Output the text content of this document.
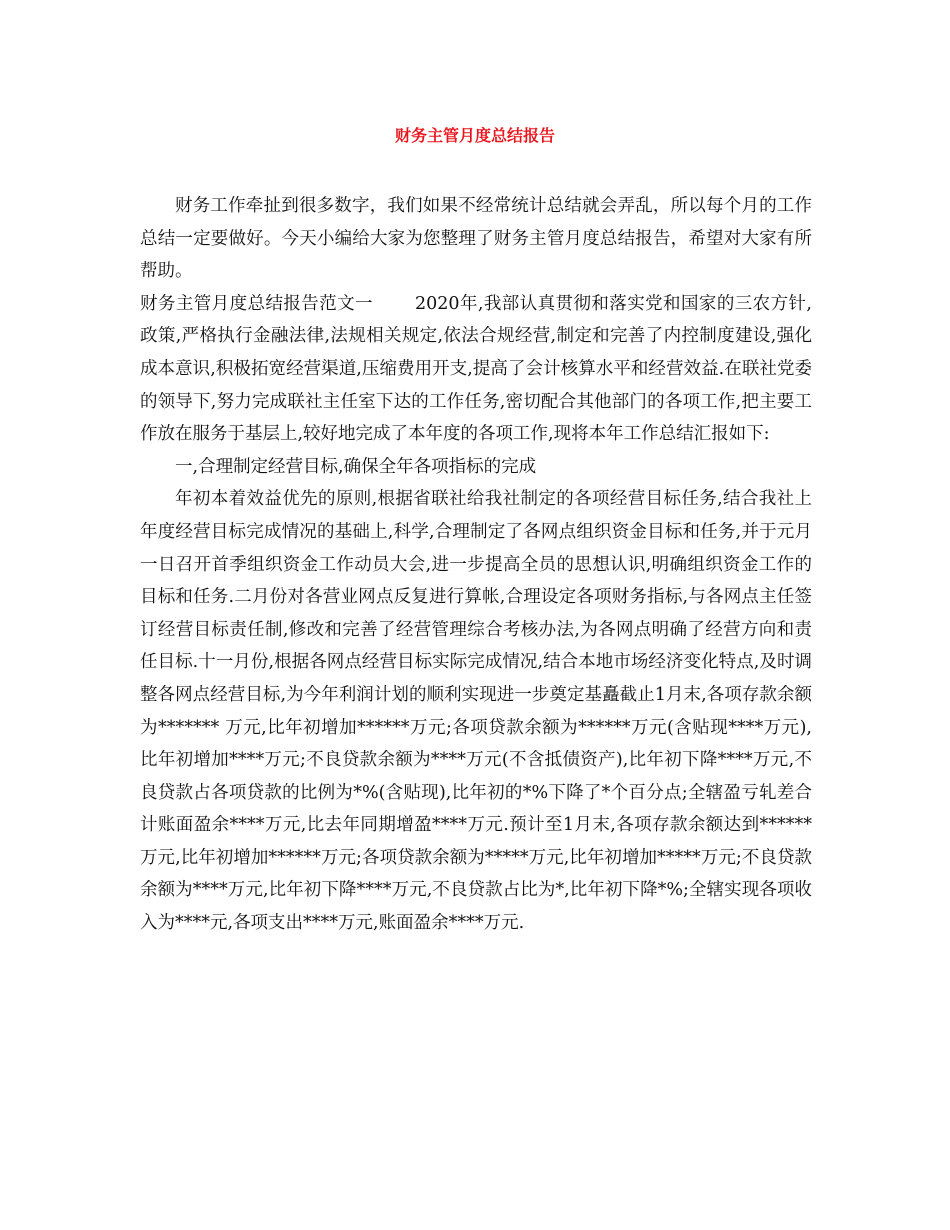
财务主管月度总结报告

财务工作牵扯到很多数字，我们如果不经常统计总结就会弄乱，所以每个月的工作总结一定要做好。今天小编给大家为您整理了财务主管月度总结报告，希望对大家有所帮助。

财务主管月度总结报告范文一 2020年,我部认真贯彻和落实党和国家的三农方针,政策,严格执行金融法律,法规相关规定,依法合规经营,制定和完善了内控制度建设,强化成本意识,积极拓宽经营渠道,压缩费用开支,提高了会计核算水平和经营效益.在联社党委的领导下,努力完成联社主任室下达的工作任务,密切配合其他部门的各项工作,把主要工作放在服务于基层上,较好地完成了本年度的各项工作,现将本年工作总结汇报如下:

一,合理制定经营目标,确保全年各项指标的完成

年初本着效益优先的原则,根据省联社给我社制定的各项经营目标任务,结合我社上年度经营目标完成情况的基础上,科学,合理制定了各网点组织资金目标和任务,并于元月一日召开首季组织资金工作动员大会,进一步提高全员的思想认识,明确组织资金工作的目标和任务.二月份对各营业网点反复进行算帐,合理设定各项财务指标,与各网点主任签订经营目标责任制,修改和完善了经营管理综合考核办法,为各网点明确了经营方向和责任目标.十一月份,根据各网点经营目标实际完成情况,结合本地市场经济变化特点,及时调整各网点经营目标,为今年利润计划的顺利实现进一步奠定基矗截止1月末,各项存款余额为******* 万元,比年初增加******万元;各项贷款余额为******万元(含贴现****万元),比年初增加****万元;不良贷款余额为****万元(不含抵债资产),比年初下降****万元,不良贷款占各项贷款的比例为*%(含贴现),比年初的*%下降了*个百分点;全辖盈亏轧差合计账面盈余****万元,比去年同期增盈****万元.预计至1月末,各项存款余额达到******万元,比年初增加******万元;各项贷款余额为*****万元,比年初增加*****万元;不良贷款余额为****万元,比年初下降****万元,不良贷款占比为*,比年初下降*%;全辖实现各项收入为****元,各项支出****万元,账面盈余****万元.
